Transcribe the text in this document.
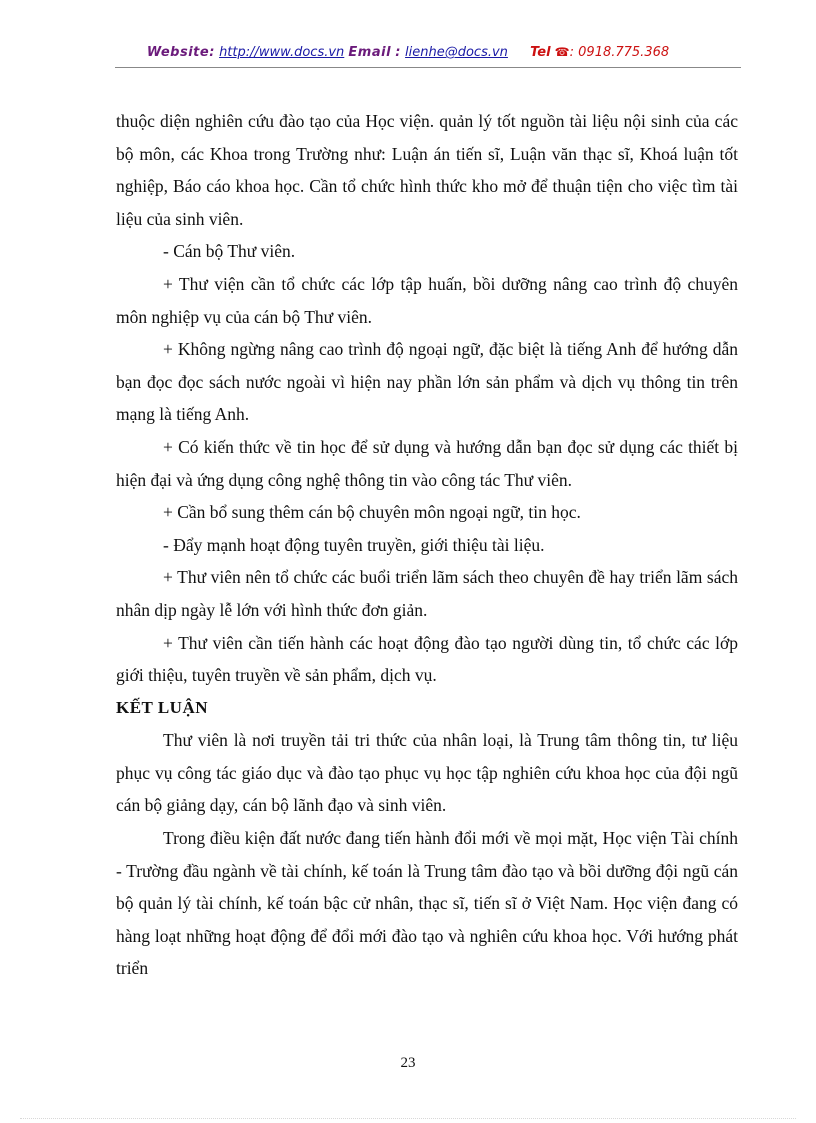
Website: http://www.docs.vn Email : lienhe@docs.vn Tel ☎: 0918.775.368

thuộc diện nghiên cứu đào tạo của Học viện. quản lý tốt nguồn tài liệu nội sinh của các bộ môn, các Khoa trong Trường như: Luận án tiến sĩ, Luận văn thạc sĩ, Khoá luận tốt nghiệp, Báo cáo khoa học. Cần tổ chức hình thức kho mở để thuận tiện cho việc tìm tài liệu của sinh viên.

- Cán bộ Thư viên.

+ Thư viện cần tổ chức các lớp tập huấn, bồi dưỡng nâng cao trình độ chuyên môn nghiệp vụ của cán bộ Thư viên.

+ Không ngừng nâng cao trình độ ngoại ngữ, đặc biệt là tiếng Anh để hướng dẫn bạn đọc đọc sách nước ngoài vì hiện nay phần lớn sản phẩm và dịch vụ thông tin trên mạng là tiếng Anh.

+ Có kiến thức về tin học để sử dụng và hướng dẫn bạn đọc sử dụng các thiết bị hiện đại và ứng dụng công nghệ thông tin vào công tác Thư viên.

+ Cần bổ sung thêm cán bộ chuyên môn ngoại ngữ, tin học.

- Đẩy mạnh hoạt động tuyên truyền, giới thiệu tài liệu.

+ Thư viên nên tổ chức các buổi triển lãm sách theo chuyên đề hay triển lãm sách nhân dịp ngày lễ lớn với hình thức đơn giản.

+ Thư viên cần tiến hành các hoạt động đào tạo người dùng tin, tổ chức các lớp giới thiệu, tuyên truyền về sản phẩm, dịch vụ.

KẾT LUẬN

Thư viên là nơi truyền tải tri thức của nhân loại, là Trung tâm thông tin, tư liệu phục vụ công tác giáo dục và đào tạo phục vụ học tập nghiên cứu khoa học của đội ngũ cán bộ giảng dạy, cán bộ lãnh đạo và sinh viên.

Trong điều kiện đất nước đang tiến hành đổi mới về mọi mặt, Học viện Tài chính - Trường đầu ngành về tài chính, kế toán là Trung tâm đào tạo và bồi dưỡng đội ngũ cán bộ quản lý tài chính, kế toán bậc cử nhân, thạc sĩ, tiến sĩ ở Việt Nam. Học viện đang có hàng loạt những hoạt động để đổi mới đào tạo và nghiên cứu khoa học. Với hướng phát triển

23
